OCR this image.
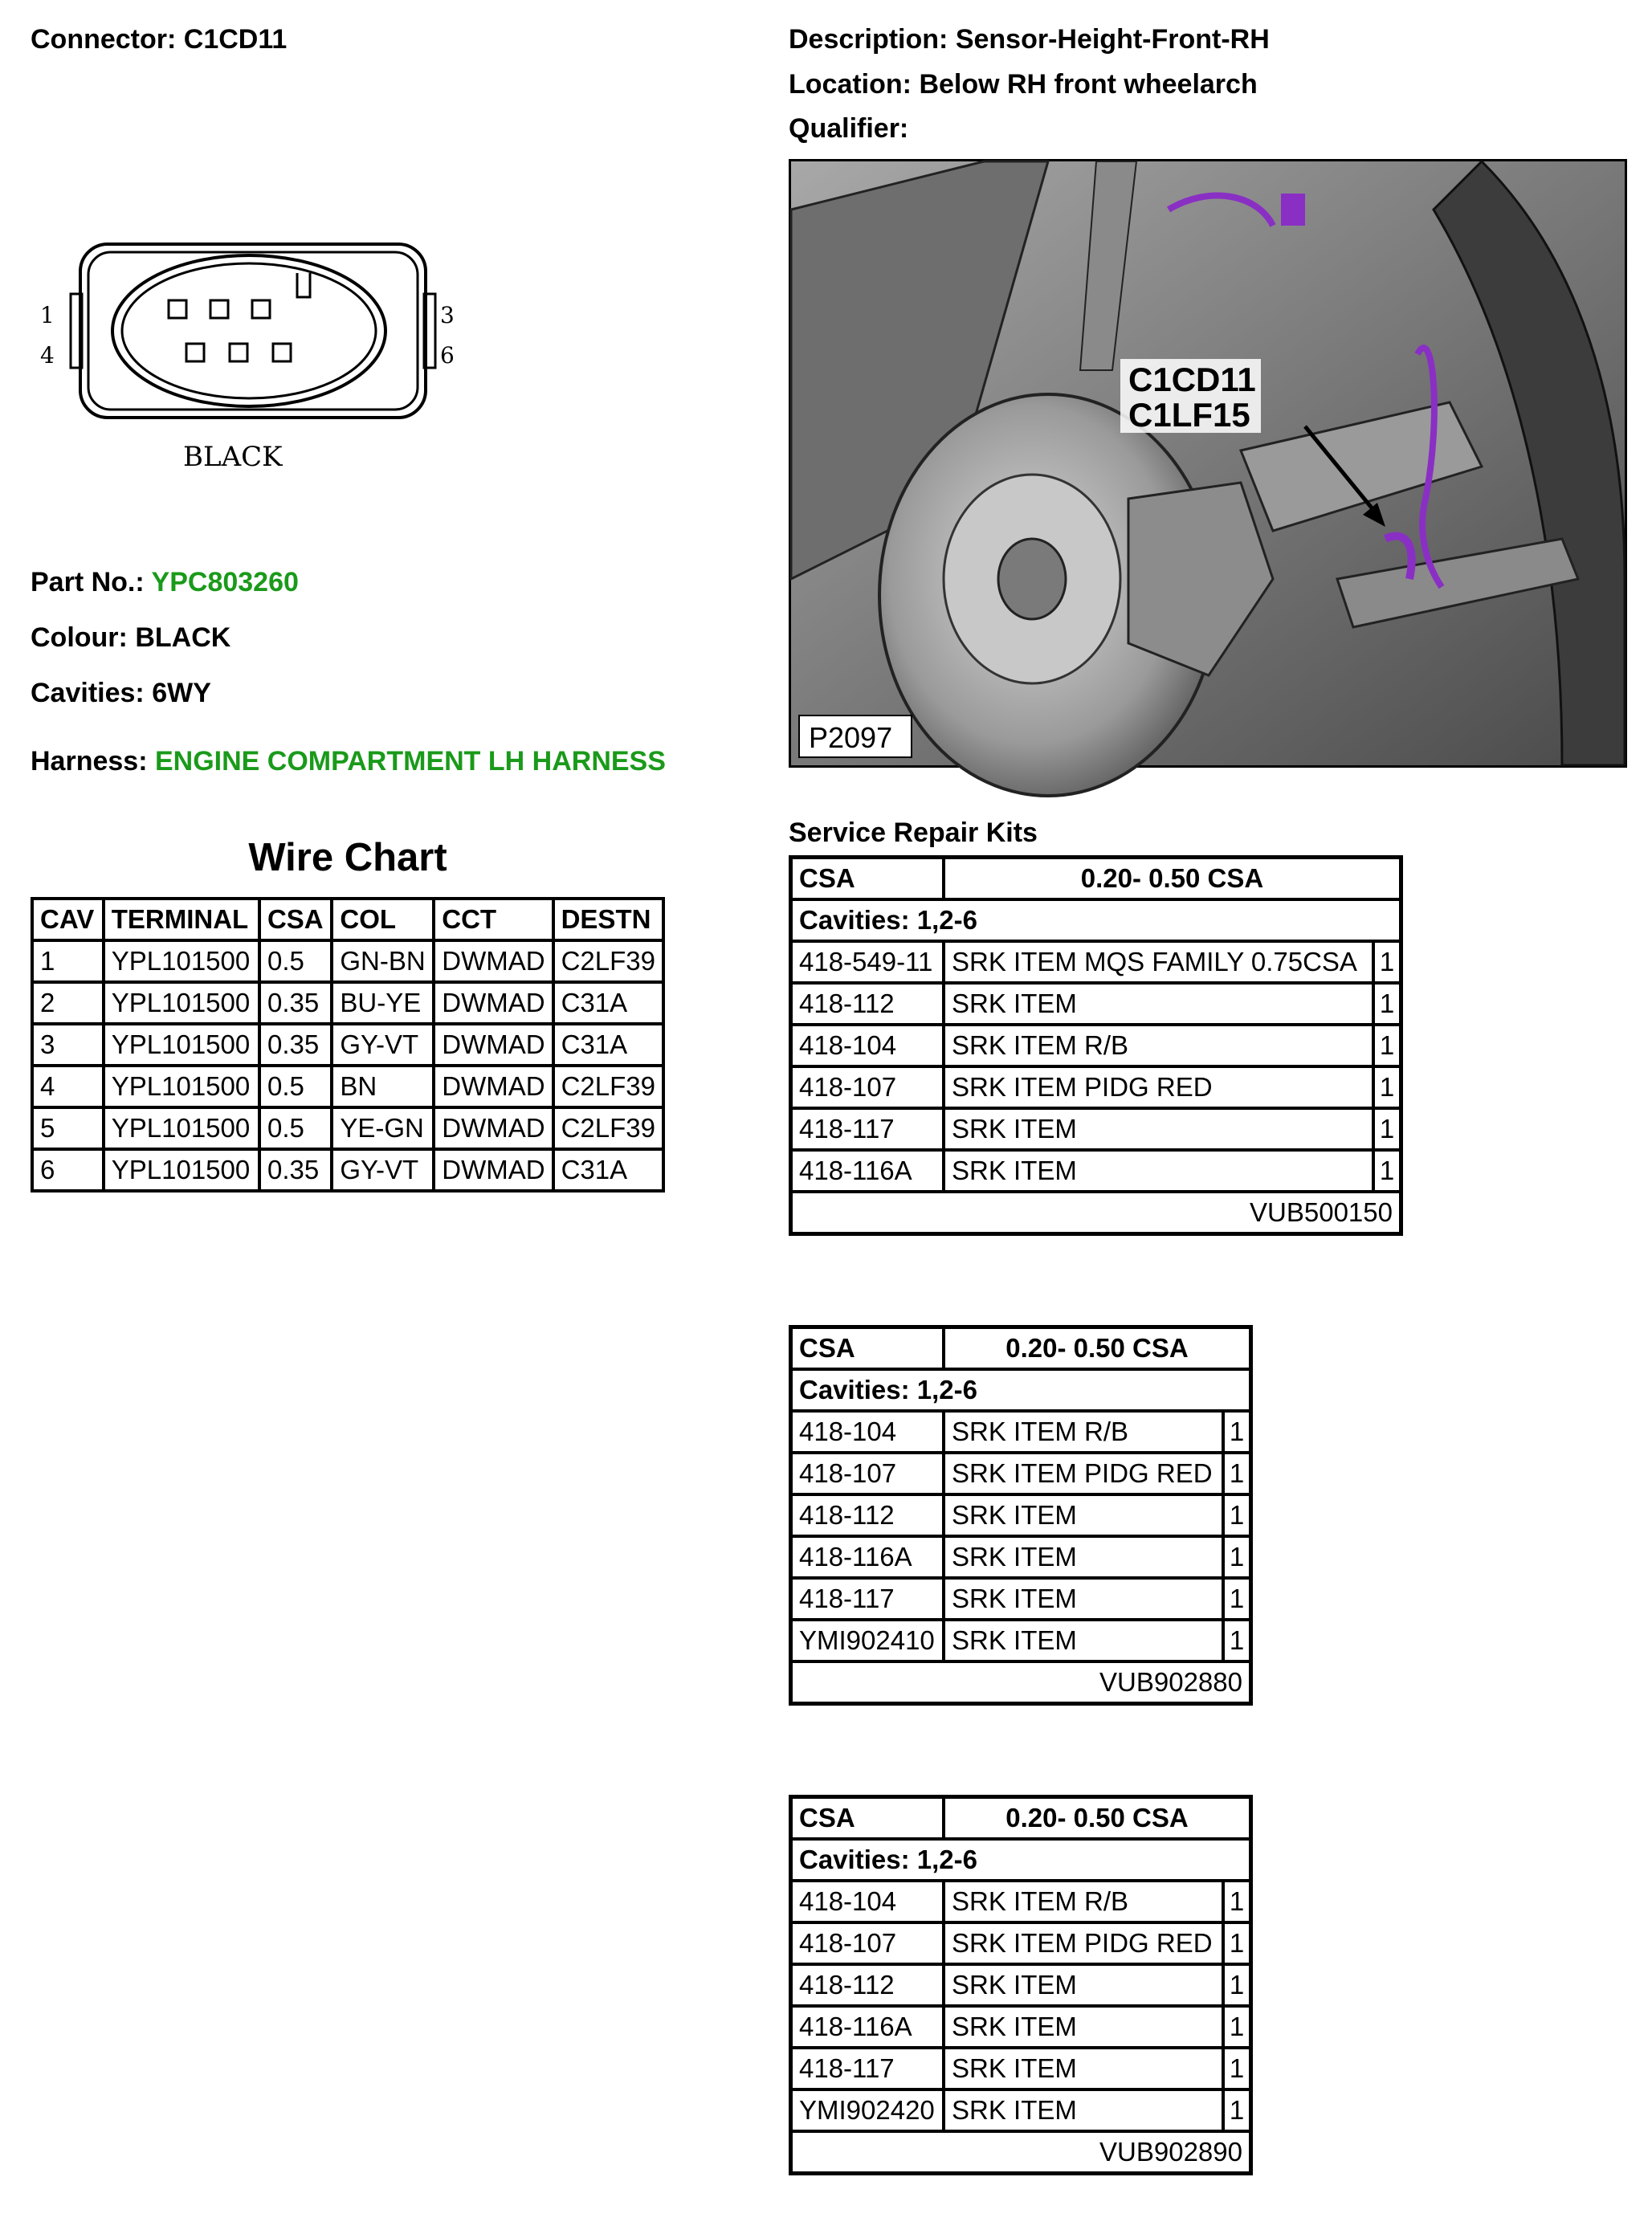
Connector: C1CD11	Description: Sensor-Height-Front-RH
Location: Below RH front wheelarch
Qualifier:
1
4
3
6
BLACK
Part No.: YPC803260
Colour: BLACK
Cavities: 6WY
Harness: ENGINE COMPARTMENT LH HARNESS
C1CD11
C1LF15
P2097
Wire Chart
CAV	TERMINAL	CSA	COL	CCT	DESTN
1	YPL101500	0.5	GN-BN	DWMAD	C2LF39
2	YPL101500	0.35	BU-YE	DWMAD	C31A
3	YPL101500	0.35	GY-VT	DWMAD	C31A
4	YPL101500	0.5	BN	DWMAD	C2LF39
5	YPL101500	0.5	YE-GN	DWMAD	C2LF39
6	YPL101500	0.35	GY-VT	DWMAD	C31A
Service Repair Kits
CSA	0.20- 0.50 CSA	
Cavities: 1,2-6		
418-549-11	SRK ITEM MQS FAMILY 0.75CSA	1
418-112	SRK ITEM	1
418-104	SRK ITEM R/B	1
418-107	SRK ITEM PIDG RED	1
418-117	SRK ITEM	1
418-116A	SRK ITEM	1
VUB500150		
CSA	0.20- 0.50 CSA	
Cavities: 1,2-6		
418-104	SRK ITEM R/B	1
418-107	SRK ITEM PIDG RED	1
418-112	SRK ITEM	1
418-116A	SRK ITEM	1
418-117	SRK ITEM	1
YMI902410	SRK ITEM	1
VUB902880		
CSA	0.20- 0.50 CSA	
Cavities: 1,2-6		
418-104	SRK ITEM R/B	1
418-107	SRK ITEM PIDG RED	1
418-112	SRK ITEM	1
418-116A	SRK ITEM	1
418-117	SRK ITEM	1
YMI902420	SRK ITEM	1
VUB902890		
